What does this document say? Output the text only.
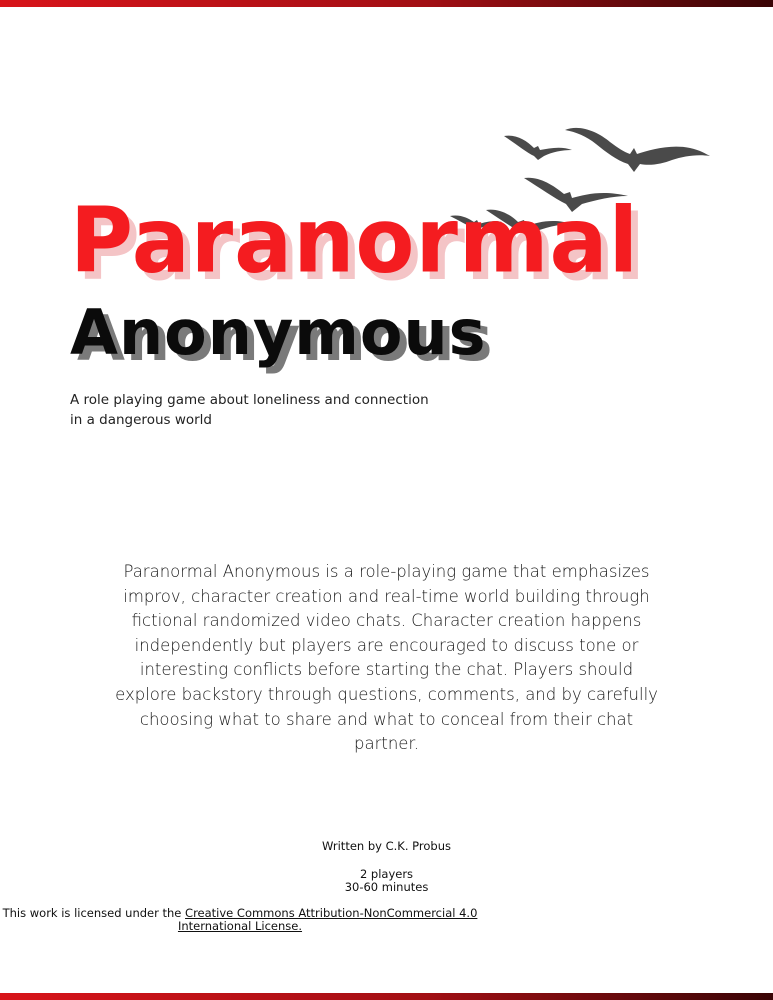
Paranormal
Anonymous

A role playing game about loneliness and connection in a dangerous world

Paranormal Anonymous is a role-playing game that emphasizes improv, character creation and real-time world building through fictional randomized video chats. Character creation happens independently but players are encouraged to discuss tone or interesting conflicts before starting the chat. Players should explore backstory through questions, comments, and by carefully choosing what to share and what to conceal from their chat partner.

Written by C.K. Probus

2 players

30-60 minutes

This work is licensed under the Creative Commons Attribution-NonCommercial 4.0 International License.
